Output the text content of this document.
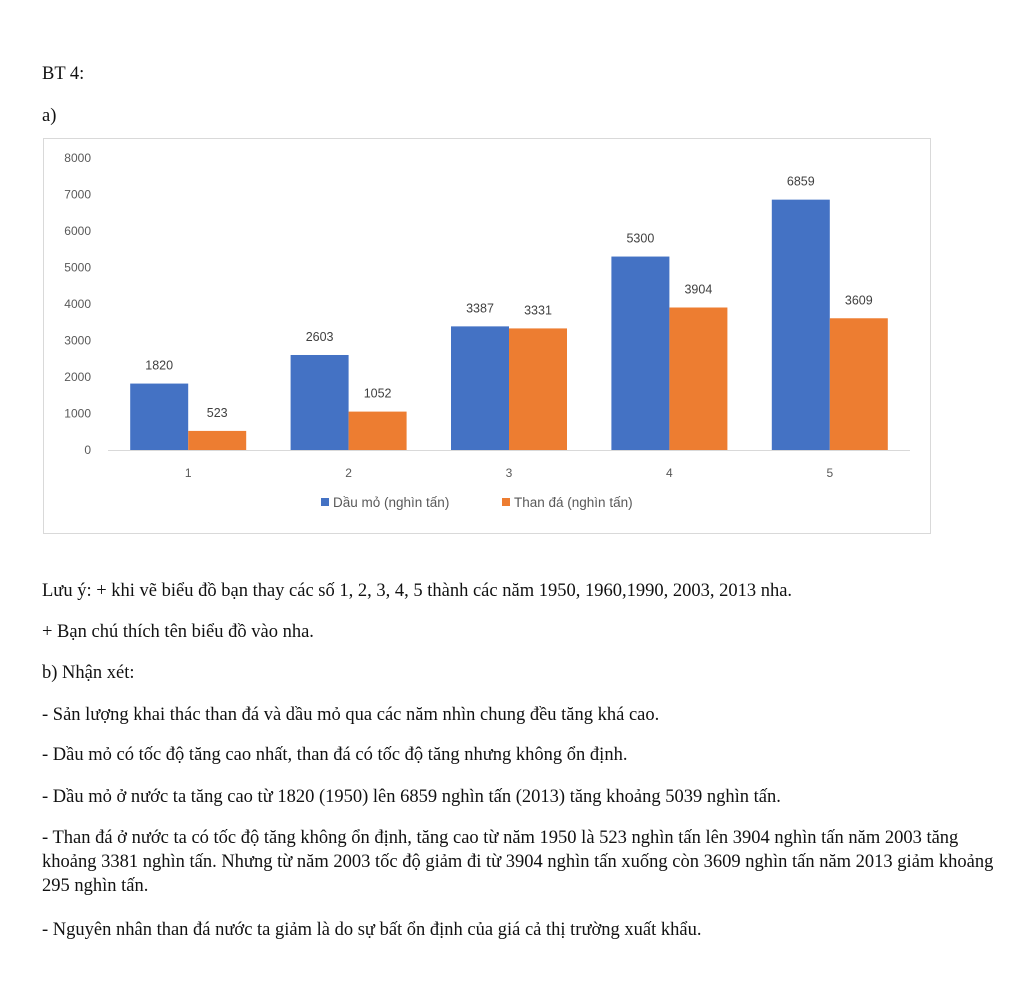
BT 4:
a)
0
1000
2000
3000
4000
5000
6000
7000
8000
1820
523
1
2603
1052
2
3387 3331
3
5300
3904
4
6859
3609
5
Dầu mỏ (nghìn tấn)	Than đá (nghìn tấn)
Lưu ý: + khi vẽ biểu đồ bạn thay các số 1, 2, 3, 4, 5 thành các năm 1950, 1960,1990, 2003, 2013 nha.
+ Bạn chú thích tên biểu đồ vào nha.
b) Nhận xét:
- Sản lượng khai thác than đá và dầu mỏ qua các năm nhìn chung đều tăng khá cao.
- Dầu mỏ có tốc độ tăng cao nhất, than đá có tốc độ tăng nhưng không ổn định.
- Dầu mỏ ở nước ta tăng cao từ 1820 (1950) lên 6859 nghìn tấn (2013) tăng khoảng 5039 nghìn tấn.
- Than đá ở nước ta có tốc độ tăng không ổn định, tăng cao từ năm 1950 là 523 nghìn tấn lên 3904 nghìn tấn năm 2003 tăng khoảng 3381 nghìn tấn. Nhưng từ năm 2003 tốc độ giảm đi từ 3904 nghìn tấn xuống còn 3609 nghìn tấn năm 2013 giảm khoảng 295 nghìn tấn.
- Nguyên nhân than đá nước ta giảm là do sự bất ổn định của giá cả thị trường xuất khẩu.
